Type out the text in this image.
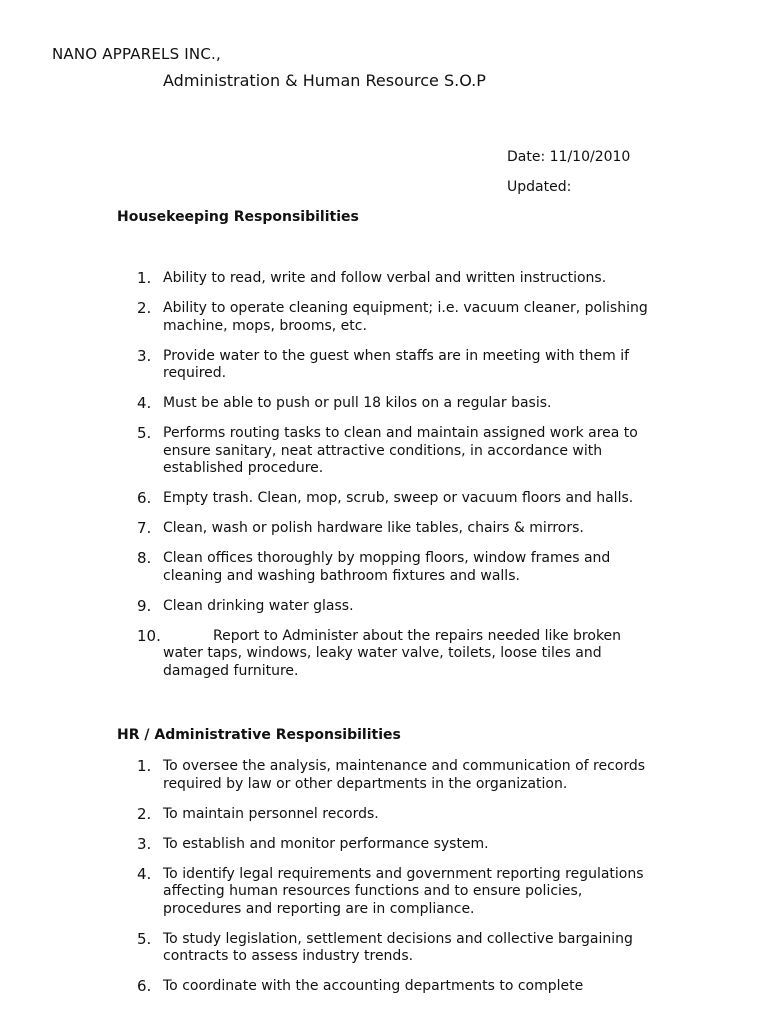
NANO APPARELS INC.,
Administration & Human Resource S.O.P
Date: 11/10/2010
Updated:
Housekeeping Responsibilities
1. Ability to read, write and follow verbal and written instructions.
2. Ability to operate cleaning equipment; i.e. vacuum cleaner, polishing machine, mops, brooms, etc.
3. Provide water to the guest when staffs are in meeting with them if required.
4. Must be able to push or pull 18 kilos on a regular basis.
5. Performs routing tasks to clean and maintain assigned work area to ensure sanitary, neat attractive conditions, in accordance with established procedure.
6. Empty trash. Clean, mop, scrub, sweep or vacuum floors and halls.
7. Clean, wash or polish hardware like tables, chairs & mirrors.
8. Clean offices thoroughly by mopping floors, window frames and cleaning and washing bathroom fixtures and walls.
9. Clean drinking water glass.
10.	Report to Administer about the repairs needed like broken water taps, windows, leaky water valve, toilets, loose tiles and damaged furniture.
HR / Administrative Responsibilities
1. To oversee the analysis, maintenance and communication of records required by law or other departments in the organization.
2. To maintain personnel records.
3. To establish and monitor performance system.
4. To identify legal requirements and government reporting regulations affecting human resources functions and to ensure policies, procedures and reporting are in compliance.
5. To study legislation, settlement decisions and collective bargaining contracts to assess industry trends.
6. To coordinate with the accounting departments to complete
